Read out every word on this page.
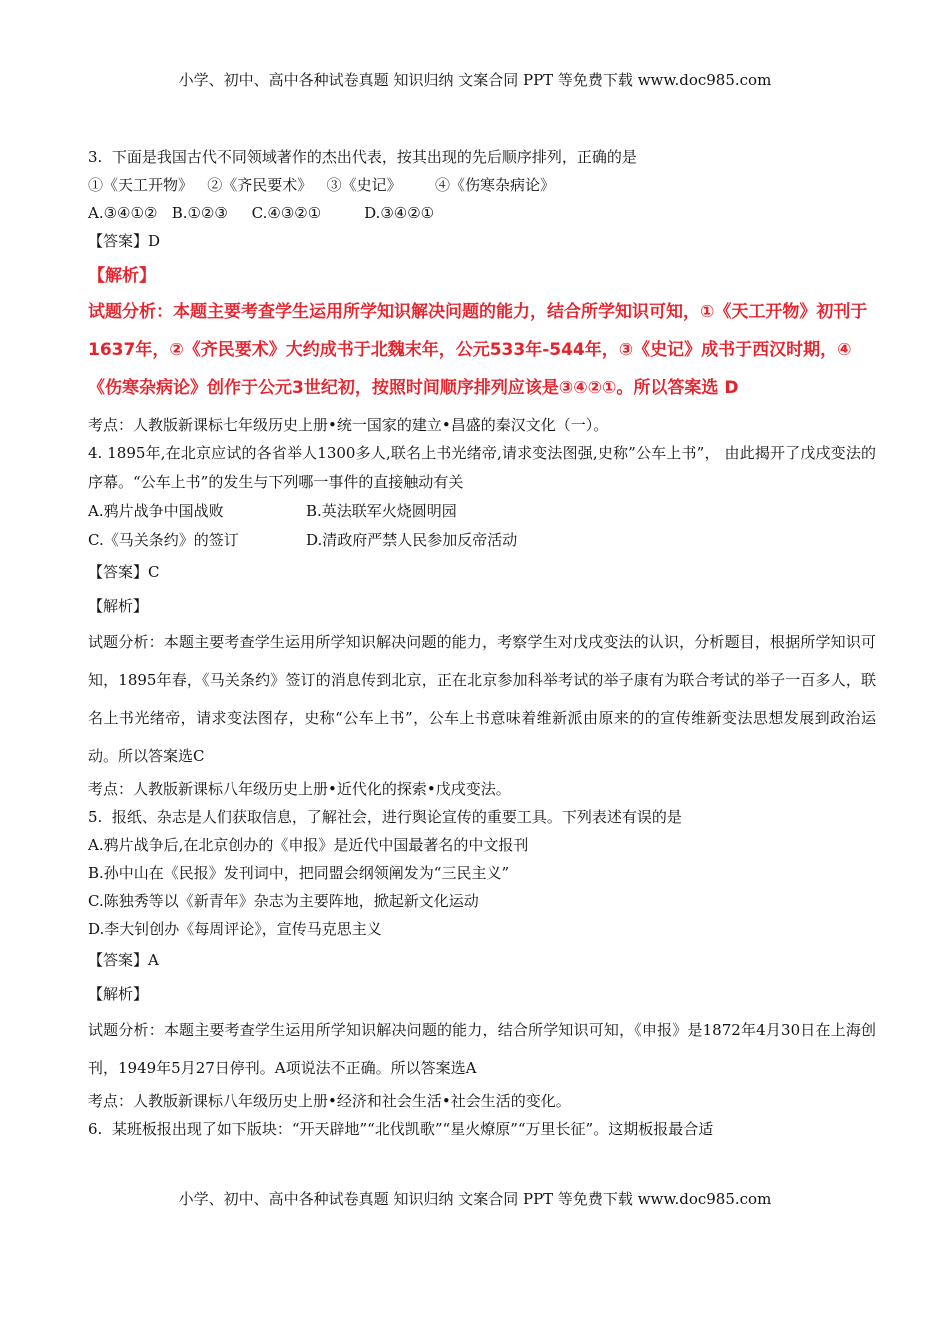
小学、初中、高中各种试卷真题 知识归纳 文案合同 PPT 等免费下载 www.doc985.com
3.  下面是我国古代不同领域著作的杰出代表，按其出现的先后顺序排列，正确的是
①《天工开物》   ②《齐民要术》   ③《史记》       ④《伤寒杂病论》
A.③④①②   B.①②③     C.④③②①         D.③④②①
【答案】D
【解析】
试题分析：本题主要考查学生运用所学知识解决问题的能力，结合所学知识可知，①《天工开物》初刊于1637年，②《齐民要术》大约成书于北魏末年，公元533年-544年，③《史记》成书于西汉时期，④《伤寒杂病论》创作于公元3世纪初，按照时间顺序排列应该是③④②①。所以答案选 D
考点：人教版新课标七年级历史上册•统一国家的建立•昌盛的秦汉文化（一）。
4. 1895年,在北京应试的各省举人1300多人,联名上书光绪帝,请求变法图强,史称”公车上书”， 由此揭开了戊戌变法的序幕。“公车上书”的发生与下列哪一事件的直接触动有关
A.鸦片战争中国战败	B.英法联军火烧圆明园
C.《马关条约》的签订	D.清政府严禁人民参加反帝活动
【答案】C
【解析】
试题分析：本题主要考查学生运用所学知识解决问题的能力，考察学生对戊戌变法的认识，分析题目，根据所学知识可知，1895年春，《马关条约》签订的消息传到北京，正在北京参加科举考试的举子康有为联合考试的举子一百多人，联名上书光绪帝，请求变法图存，史称“公车上书”，公车上书意味着维新派由原来的的宣传维新变法思想发展到政治运动。所以答案选C
考点：人教版新课标八年级历史上册•近代化的探索•戊戌变法。
5.  报纸、杂志是人们获取信息，了解社会，进行舆论宣传的重要工具。下列表述有误的是
A.鸦片战争后,在北京创办的《申报》是近代中国最著名的中文报刊
B.孙中山在《民报》发刊词中，把同盟会纲领阐发为“三民主义”
C.陈独秀等以《新青年》杂志为主要阵地，掀起新文化运动
D.李大钊创办《每周评论》，宣传马克思主义
【答案】A
【解析】
试题分析：本题主要考查学生运用所学知识解决问题的能力，结合所学知识可知，《申报》是1872年4月30日在上海创刊，1949年5月27日停刊。A项说法不正确。所以答案选A
考点：人教版新课标八年级历史上册•经济和社会生活•社会生活的变化。
6.  某班板报出现了如下版块：“开天辟地”“北伐凯歌”“星火燎原”“万里长征”。这期板报最合适
小学、初中、高中各种试卷真题 知识归纳 文案合同 PPT 等免费下载 www.doc985.com
